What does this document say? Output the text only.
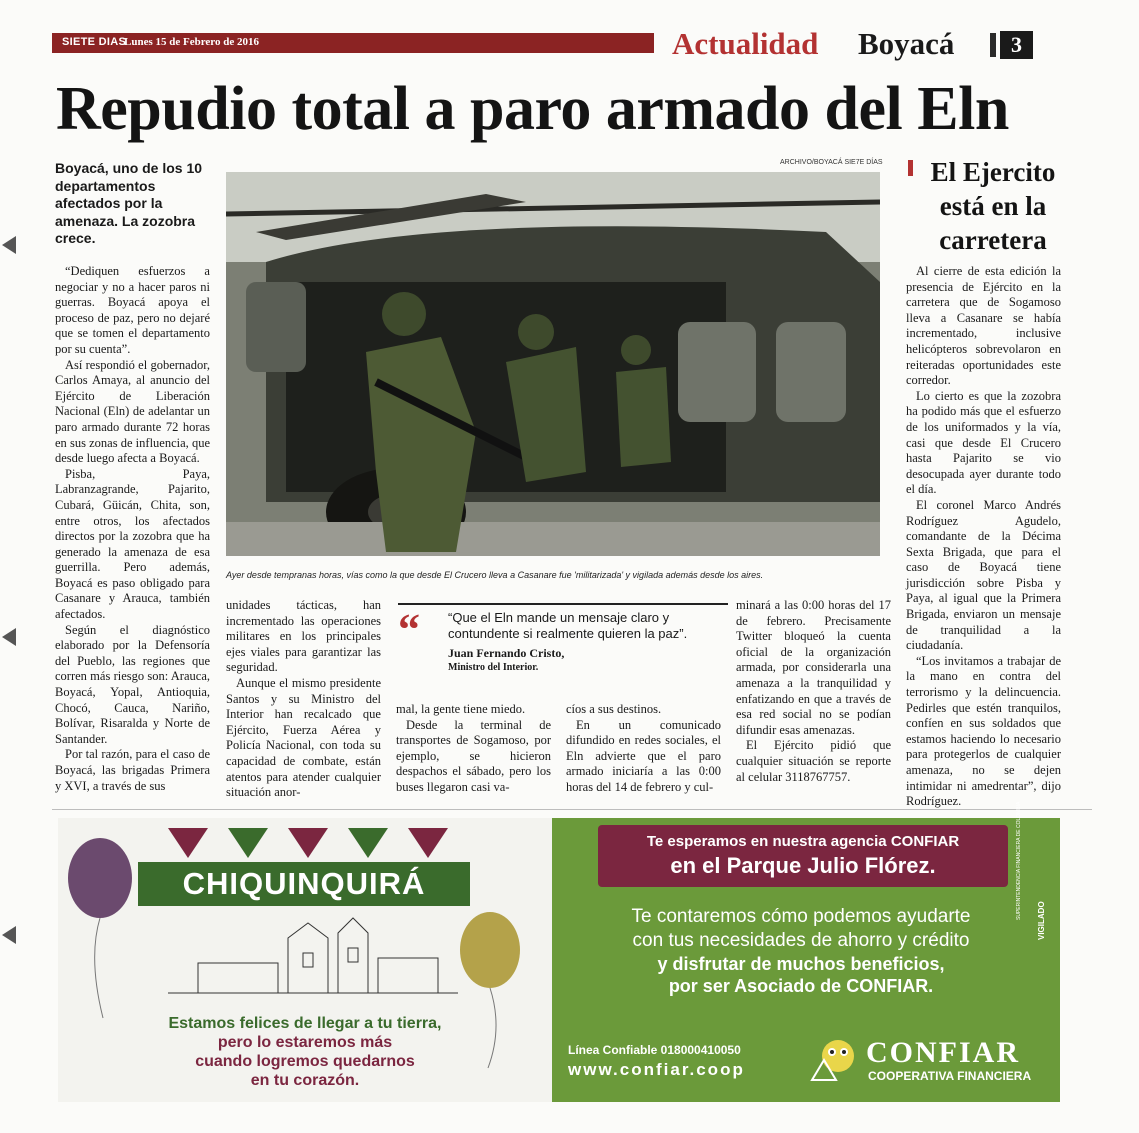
SIETE DIAS
Lunes 15 de Febrero de 2016	Actualidad Boyacá	3
Repudio total a paro armado del Eln
Boyacá, uno de los 10 departamentos afectados por la amenaza. La zozobra crece.

“Dediquen esfuerzos a negociar y no a hacer paros ni guerras. Boyacá apoya el proceso de paz, pero no dejaré que se tomen el departamento por su cuenta”.

Así respondió el gobernador, Carlos Amaya, al anuncio del Ejército de Liberación Nacional (Eln) de adelantar un paro armado durante 72 horas en sus zonas de influencia, que desde luego afecta a Boyacá.

Pisba, Paya, Labranzagrande, Pajarito, Cubará, Güicán, Chita, son, entre otros, los afectados directos por la zozobra que ha generado la amenaza de esa guerrilla. Pero además, Boyacá es paso obligado para Casanare y Arauca, también afectados.

Según el diagnóstico elaborado por la Defensoría del Pueblo, las regiones que corren más riesgo son: Arauca, Boyacá, Yopal, Antioquia, Chocó, Cauca, Nariño, Bolívar, Risaralda y Norte de Santander.

Por tal razón, para el caso de Boyacá, las brigadas Primera y XVI, a través de sus

ARCHIVO/BOYACÁ SIE7E DÍAS
Ayer desde tempranas horas, vías como la que desde El Crucero lleva a Casanare fue 'militarizada' y vigilada además desde los aires.

unidades tácticas, han incrementado las operaciones militares en los principales ejes viales para garantizar las seguridad.

Aunque el mismo presidente Santos y su Ministro del Interior han recalcado que Ejército, Fuerza Aérea y Policía Nacional, con toda su capacidad de combate, están atentos para atender cualquier situación anor-

“ “Que el Eln mande un mensaje claro y contundente si realmente quieren la paz”.
Juan Fernando Cristo,
Ministro del Interior.

mal, la gente tiene miedo.

Desde la terminal de transportes de Sogamoso, por ejemplo, se hicieron despachos el sábado, pero los buses llegaron casi va-

cíos a sus destinos.

En un comunicado difundido en redes sociales, el Eln advierte que el paro armado iniciaría a las 0:00 horas del 14 de febrero y cul-

minará a las 0:00 horas del 17 de febrero. Precisamente Twitter bloqueó la cuenta oficial de la organización armada, por considerarla una amenaza a la tranquilidad y enfatizando en que a través de esa red social no se podían difundir esas amenazas.

El Ejército pidió que cualquier situación se reporte al celular 3118767757.

El Ejercito está en la carretera

Al cierre de esta edición la presencia de Ejército en la carretera que de Sogamoso lleva a Casanare se había incrementado, inclusive helicópteros sobrevolaron en reiteradas oportunidades este corredor.

Lo cierto es que la zozobra ha podido más que el esfuerzo de los uniformados y la vía, casi que desde El Crucero hasta Pajarito se vio desocupada ayer durante todo el día.

El coronel Marco Andrés Rodríguez Agudelo, comandante de la Décima Sexta Brigada, que para el caso de Boyacá tiene jurisdicción sobre Pisba y Paya, al igual que la Primera Brigada, enviaron un mensaje de tranquilidad a la ciudadanía.

“Los invitamos a trabajar de la mano en contra del terrorismo y la delincuencia. Pedirles que estén tranquilos, confíen en sus soldados que estamos haciendo lo necesario para protegerlos de cualquier amenaza, no se dejen intimidar ni amedrentar”, dijo Rodríguez.

CHIQUINQUIRÁ
Estamos felices de llegar a tu tierra,
pero lo estaremos más
cuando logremos quedarnos
en tu corazón.
Te esperamos en nuestra agencia CONFIAR
en el Parque Julio Flórez.
Te contaremos cómo podemos ayudarte
con tus necesidades de ahorro y crédito
y disfrutar de muchos beneficios,
por ser Asociado de CONFIAR.
Línea Confiable 018000410050
www.confiar.coop
CONFIAR
COOPERATIVA FINANCIERA
VIGILADO
SUPERINTENDENCIA FINANCIERA DE COLOMBIA
